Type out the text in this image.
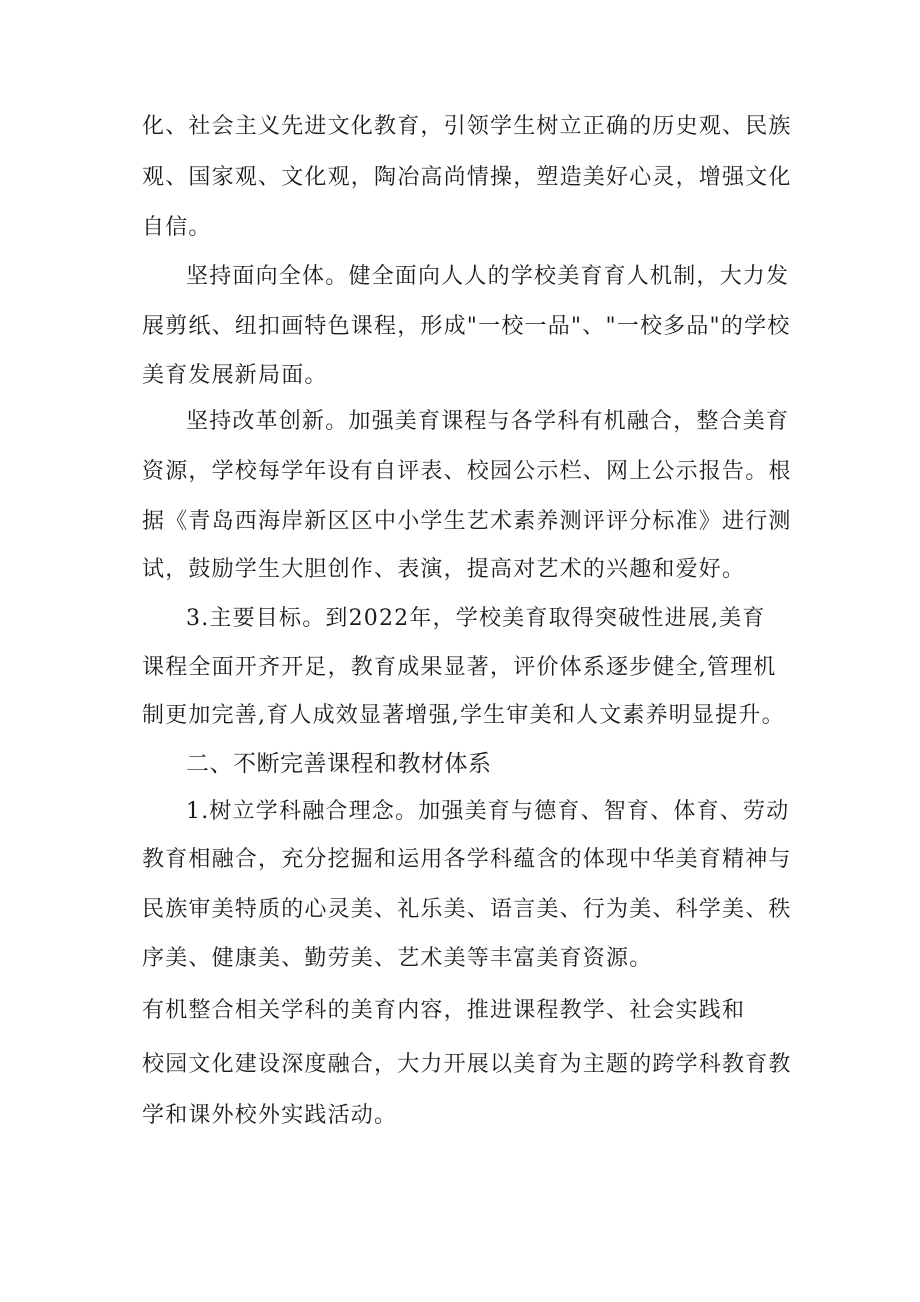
化、社会主义先进文化教育，引领学生树立正确的历史观、民族
观、国家观、文化观，陶冶高尚情操，塑造美好心灵，增强文化
自信。
坚持面向全体。健全面向人人的学校美育育人机制，大力发
展剪纸、纽扣画特色课程，形成"一校一品"、"一校多品"的学校
美育发展新局面。
坚持改革创新。加强美育课程与各学科有机融合，整合美育
资源，学校每学年设有自评表、校园公示栏、网上公示报告。根
据《青岛西海岸新区区中小学生艺术素养测评评分标准》进行测
试，鼓励学生大胆创作、表演，提高对艺术的兴趣和爱好。
3.主要目标。到2022年，学校美育取得突破性进展,美育
课程全面开齐开足，教育成果显著，评价体系逐步健全,管理机
制更加完善,育人成效显著增强,学生审美和人文素养明显提升。
二、不断完善课程和教材体系
1.树立学科融合理念。加强美育与德育、智育、体育、劳动
教育相融合，充分挖掘和运用各学科蕴含的体现中华美育精神与
民族审美特质的心灵美、礼乐美、语言美、行为美、科学美、秩
序美、健康美、勤劳美、艺术美等丰富美育资源。
有机整合相关学科的美育内容，推进课程教学、社会实践和
校园文化建设深度融合，大力开展以美育为主题的跨学科教育教
学和课外校外实践活动。
